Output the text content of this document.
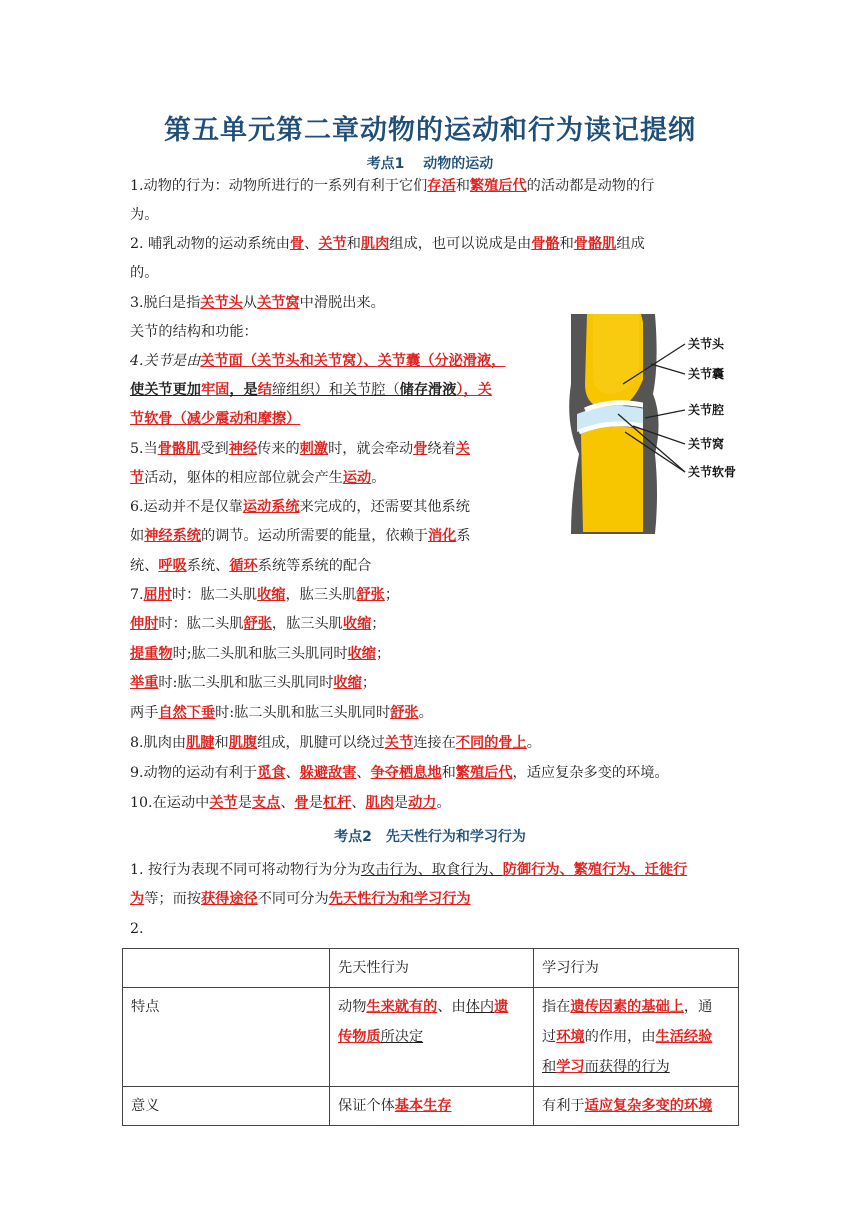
第五单元第二章动物的运动和行为读记提纲
考点1　 动物的运动
1.动物的行为：动物所进行的一系列有利于它们存活和繁殖后代的活动都是动物的行
为。
2. 哺乳动物的运动系统由骨、关节和肌肉组成，也可以说成是由骨骼和骨骼肌组成
的。
3.脱臼是指关节头从关节窝中滑脱出来。
关节的结构和功能：
4.关节是由关节面（关节头和关节窝）、关节囊（分泌滑液，
使关节更加牢固，是结缔组织）和关节腔（储存滑液），关
节软骨（减少震动和摩擦）
5.当骨骼肌受到神经传来的刺激时，就会牵动骨绕着关
节活动，躯体的相应部位就会产生运动。
6.运动并不是仅靠运动系统来完成的，还需要其他系统
如神经系统的调节。运动所需要的能量，依赖于消化系
统、呼吸系统、循环系统等系统的配合
7.屈肘时：肱二头肌收缩，肱三头肌舒张；
伸肘时：肱二头肌舒张，肱三头肌收缩；
提重物时;肱二头肌和肱三头肌同时收缩；
举重时:肱二头肌和肱三头肌同时收缩；
两手自然下垂时:肱二头肌和肱三头肌同时舒张。
8.肌肉由肌腱和肌腹组成，肌腱可以绕过关节连接在不同的骨上。
9.动物的运动有利于觅食、躲避敌害、争夺栖息地和繁殖后代，适应复杂多变的环境。
10.在运动中关节是支点、骨是杠杆、肌肉是动力。
关节头
关节囊
关节腔
关节窝
关节软骨
考点2　先天性行为和学习行为
1. 按行为表现不同可将动物行为分为攻击行为、取食行为、防御行为、繁殖行为、迁徙行
为等；而按获得途径不同可分为先天性行为和学习行为
2.
	先天性行为	学习行为
特点	动物生来就有的、由体内遗
传物质所决定	指在遗传因素的基础上，通
过环境的作用，由生活经验
和学习而获得的行为
意义	保证个体基本生存	有利于适应复杂多变的环境
